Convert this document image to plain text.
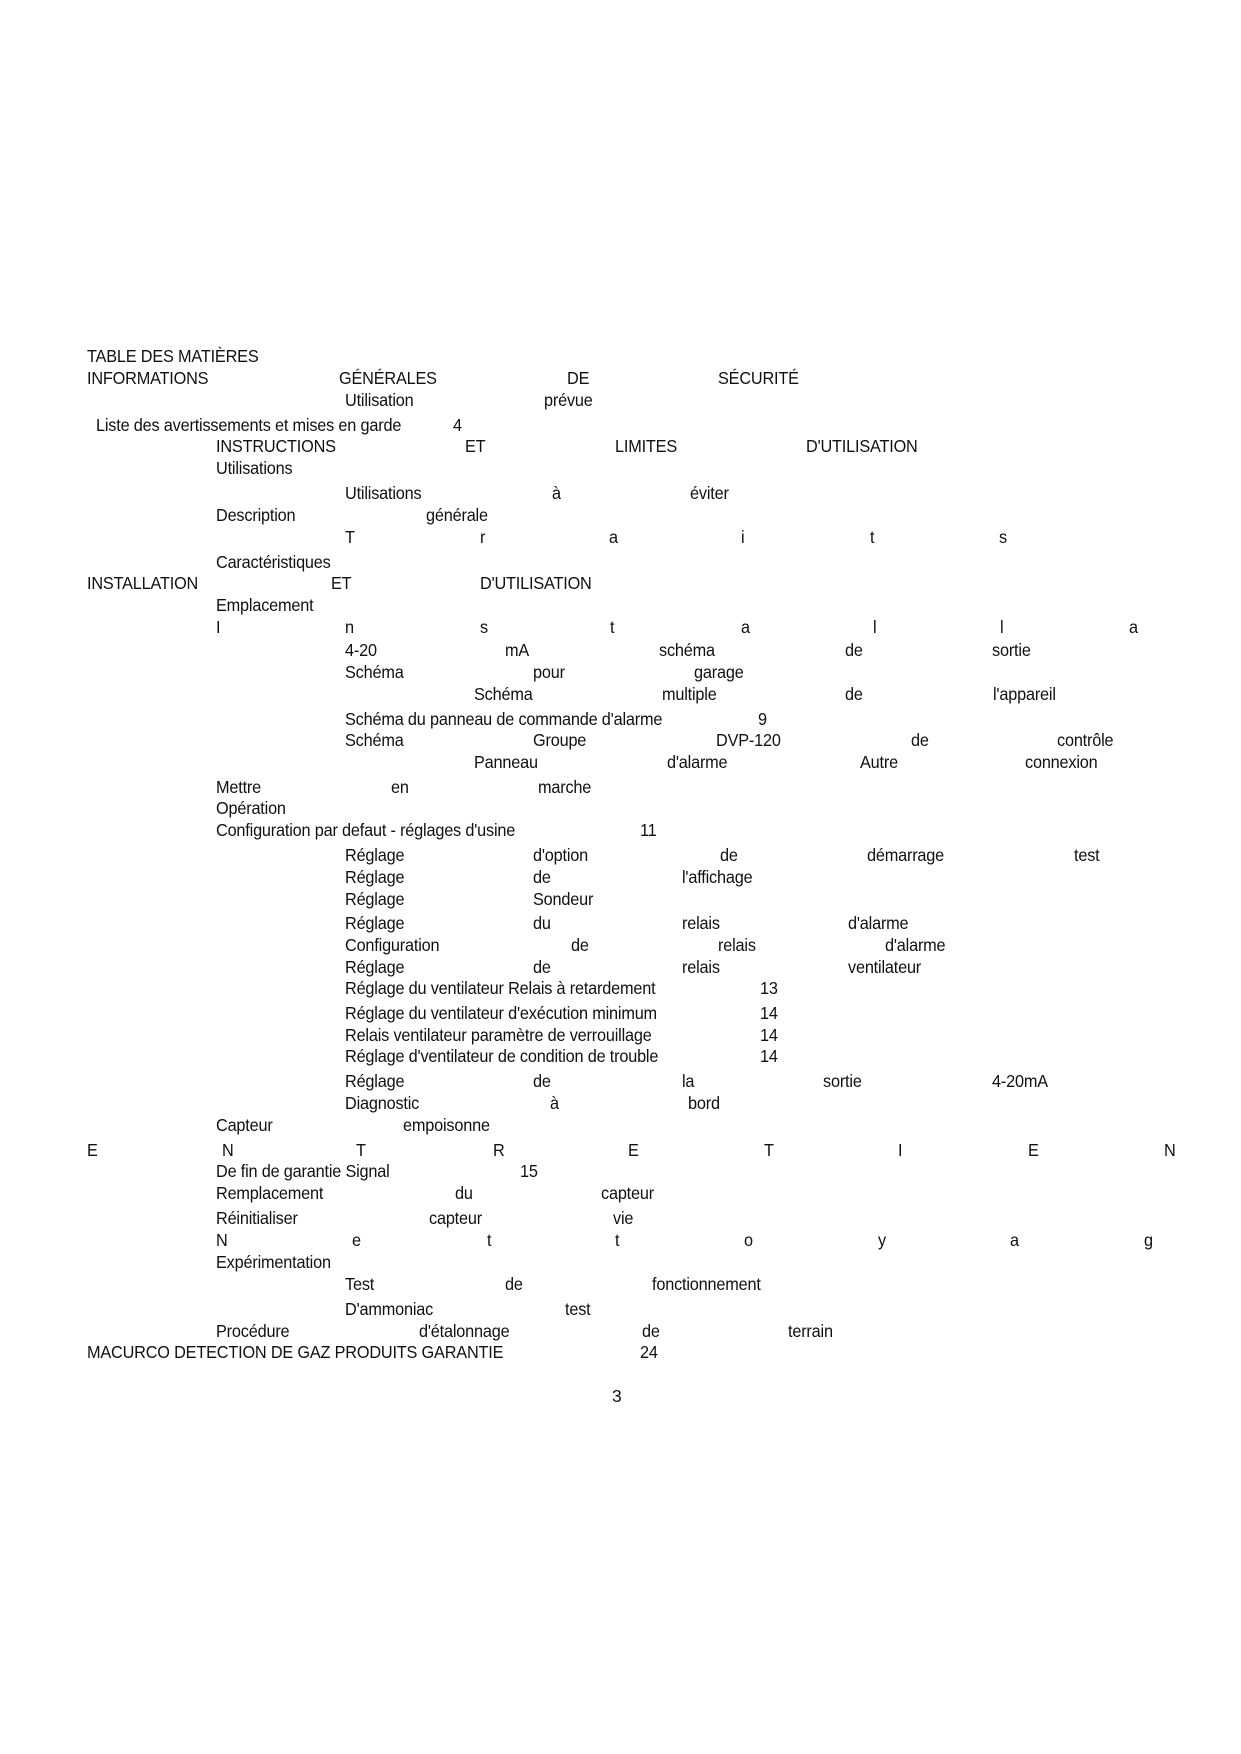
TABLE DES MATIÈRES
INFORMATIONS	GÉNÉRALES	DE	SÉCURITÉ
Utilisation	prévue
Liste des avertissements et mises en garde	4
INSTRUCTIONS	ET	LIMITES	D'UTILISATION
Utilisations
Utilisations	à	éviter
Description	générale
T	r	a	i	t	s
Caractéristiques
INSTALLATION	ET	D'UTILISATION
Emplacement
I	n	s	t	a	l	l	a
4-20	mA	schéma	de	sortie
Schéma	pour	garage
Schéma	multiple	de	l'appareil
Schéma du panneau de commande d'alarme	9
Schéma	Groupe	DVP-120	de	contrôle
Panneau	d'alarme	Autre	connexion
Mettre	en	marche
Opération
Configuration par defaut - réglages d'usine	11
Réglage	d'option	de	démarrage	test
Réglage	de	l'affichage
Réglage	Sondeur
Réglage	du	relais	d'alarme
Configuration	de	relais	d'alarme
Réglage	de	relais	ventilateur
Réglage du ventilateur Relais à retardement	13
Réglage du ventilateur d'exécution minimum	14
Relais ventilateur paramètre de verrouillage	14
Réglage d'ventilateur de condition de trouble	14
Réglage	de	la	sortie	4-20mA
Diagnostic	à	bord
Capteur	empoisonne
E	N	T	R	E	T	I	E	N
De fin de garantie Signal	15
Remplacement	du	capteur
Réinitialiser	capteur	vie
N	e	t	t	o	y	a	g
Expérimentation
Test	de	fonctionnement
D'ammoniac	test
Procédure	d'étalonnage	de	terrain
MACURCO DETECTION DE GAZ PRODUITS GARANTIE	24
3
